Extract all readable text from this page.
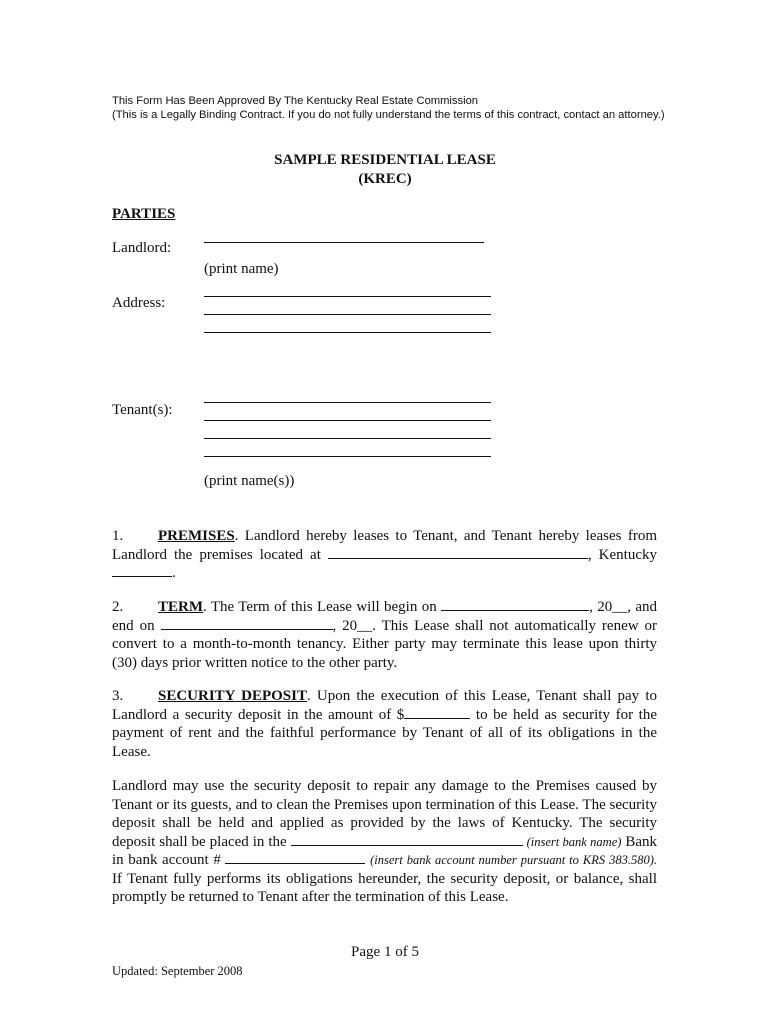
This Form Has Been Approved By The Kentucky Real Estate Commission
(This is a Legally Binding Contract. If you do not fully understand the terms of this contract, contact an attorney.)
SAMPLE RESIDENTIAL LEASE
(KREC)
PARTIES
Landlord:
(print name)
Address:
Tenant(s):
(print name(s))
1. PREMISES. Landlord hereby leases to Tenant, and Tenant hereby leases from Landlord the premises located at	, Kentucky .
2. TERM. The Term of this Lease will begin on	, 20__, and end on	, 20__. This Lease shall not automatically renew or convert to a month-to-month tenancy. Either party may terminate this lease upon thirty (30) days prior written notice to the other party.
3. SECURITY DEPOSIT. Upon the execution of this Lease, Tenant shall pay to Landlord a security deposit in the amount of $	to be held as security for the payment of rent and the faithful performance by Tenant of all of its obligations in the Lease.
Landlord may use the security deposit to repair any damage to the Premises caused by Tenant or its guests, and to clean the Premises upon termination of this Lease. The security deposit shall be held and applied as provided by the laws of Kentucky. The security deposit shall be placed in the	(insert bank name) Bank in bank account #	(insert bank account number pursuant to KRS 383.580). If Tenant fully performs its obligations hereunder, the security deposit, or balance, shall promptly be returned to Tenant after the termination of this Lease.
Page 1 of 5
Updated: September 2008
